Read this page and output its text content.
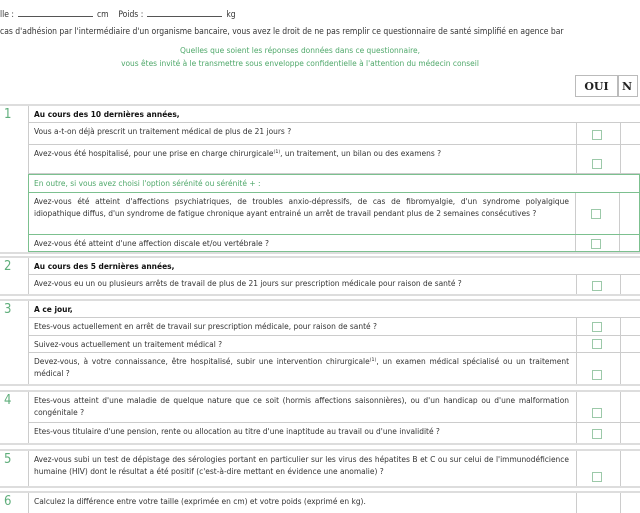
lle :	cm Poids :	kg
cas d'adhésion par l'intermédiaire d'un organisme bancaire, vous avez le droit de ne pas remplir ce questionnaire de santé simplifié en agence bar
Quelles que soient les réponses données dans ce questionnaire,
vous êtes invité à le transmettre sous enveloppe confidentielle à l'attention du médecin conseil
OUI	N
1	Au cours des 10 dernières années,
Vous a-t-on déjà prescrit un traitement médical de plus de 21 jours ?
Avez-vous été hospitalisé, pour une prise en charge chirurgicale⁽¹⁾, un traitement, un bilan ou des examens ?
En outre, si vous avez choisi l'option sérénité ou sérénité + :
Avez-vous été atteint d'affections psychiatriques, de troubles anxio-dépressifs, de cas de fibromyalgie, d'un syndrome polyalgique idiopathique diffus, d'un syndrome de fatigue chronique ayant entrainé un arrêt de travail pendant plus de 2 semaines consécutives ?
Avez-vous été atteint d'une affection discale et/ou vertébrale ?
2	Au cours des 5 dernières années,
Avez-vous eu un ou plusieurs arrêts de travail de plus de 21 jours sur prescription médicale pour raison de santé ?
3	A ce jour,
Etes-vous actuellement en arrêt de travail sur prescription médicale, pour raison de santé ?
Suivez-vous actuellement un traitement médical ?
Devez-vous, à votre connaissance, être hospitalisé, subir une intervention chirurgicale⁽¹⁾, un examen médical spécialisé ou un traitement médical ?
4	Etes-vous atteint d'une maladie de quelque nature que ce soit (hormis affections saisonnières), ou d'un handicap ou d'une malformation congénitale ?
Etes-vous titulaire d'une pension, rente ou allocation au titre d'une inaptitude au travail ou d'une invalidité ?
5	Avez-vous subi un test de dépistage des sérologies portant en particulier sur les virus des hépatites B et C ou sur celui de l'immunodéficience humaine (HIV) dont le résultat a été positif (c'est-à-dire mettant en évidence une anomalie) ?
6	Calculez la différence entre votre taille (exprimée en cm) et votre poids (exprimé en kg).
